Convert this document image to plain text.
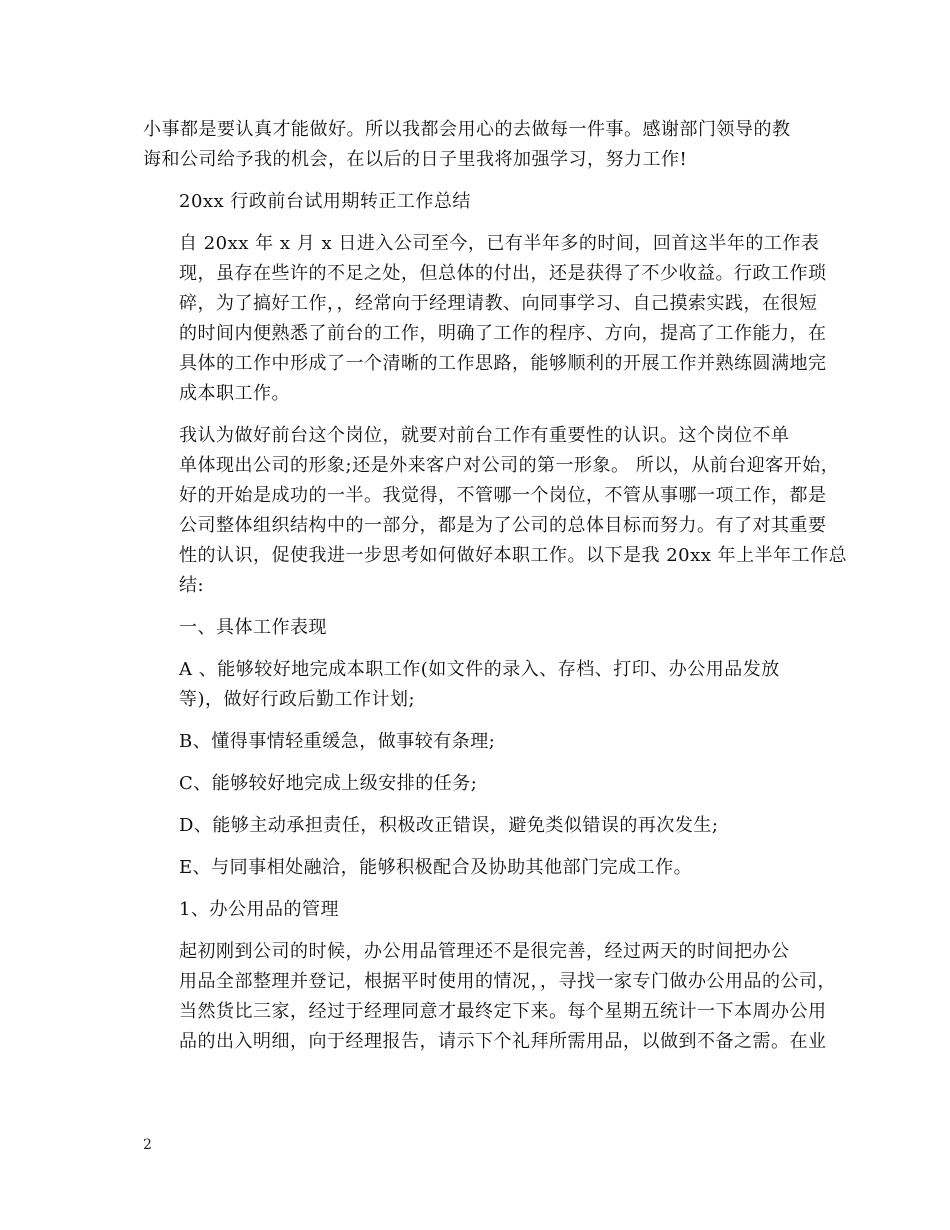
小事都是要认真才能做好。所以我都会用心的去做每一件事。感谢部门领导的教
诲和公司给予我的机会，在以后的日子里我将加强学习，努力工作!

20xx 行政前台试用期转正工作总结

自 20xx 年 x 月 x 日进入公司至今，已有半年多的时间，回首这半年的工作表
现，虽存在些许的不足之处，但总体的付出，还是获得了不少收益。行政工作琐
碎，为了搞好工作，，经常向于经理请教、向同事学习、自己摸索实践，在很短
的时间内便熟悉了前台的工作，明确了工作的程序、方向，提高了工作能力，在
具体的工作中形成了一个清晰的工作思路，能够顺利的开展工作并熟练圆满地完
成本职工作。

我认为做好前台这个岗位，就要对前台工作有重要性的认识。这个岗位不单
单体现出公司的形象;还是外来客户对公司的第一形象。 所以，从前台迎客开始，
好的开始是成功的一半。我觉得，不管哪一个岗位，不管从事哪一项工作，都是
公司整体组织结构中的一部分，都是为了公司的总体目标而努力。有了对其重要
性的认识，促使我进一步思考如何做好本职工作。以下是我 20xx 年上半年工作总
结:

一、具体工作表现

A 、能够较好地完成本职工作(如文件的录入、存档、打印、办公用品发放
等)，做好行政后勤工作计划;

B、懂得事情轻重缓急，做事较有条理;

C、能够较好地完成上级安排的任务;

D、能够主动承担责任，积极改正错误，避免类似错误的再次发生;

E、与同事相处融洽，能够积极配合及协助其他部门完成工作。

1、办公用品的管理

起初刚到公司的时候，办公用品管理还不是很完善，经过两天的时间把办公
用品全部整理并登记，根据平时使用的情况，，寻找一家专门做办公用品的公司，
当然货比三家，经过于经理同意才最终定下来。每个星期五统计一下本周办公用
品的出入明细，向于经理报告，请示下个礼拜所需用品，以做到不备之需。在业

2
